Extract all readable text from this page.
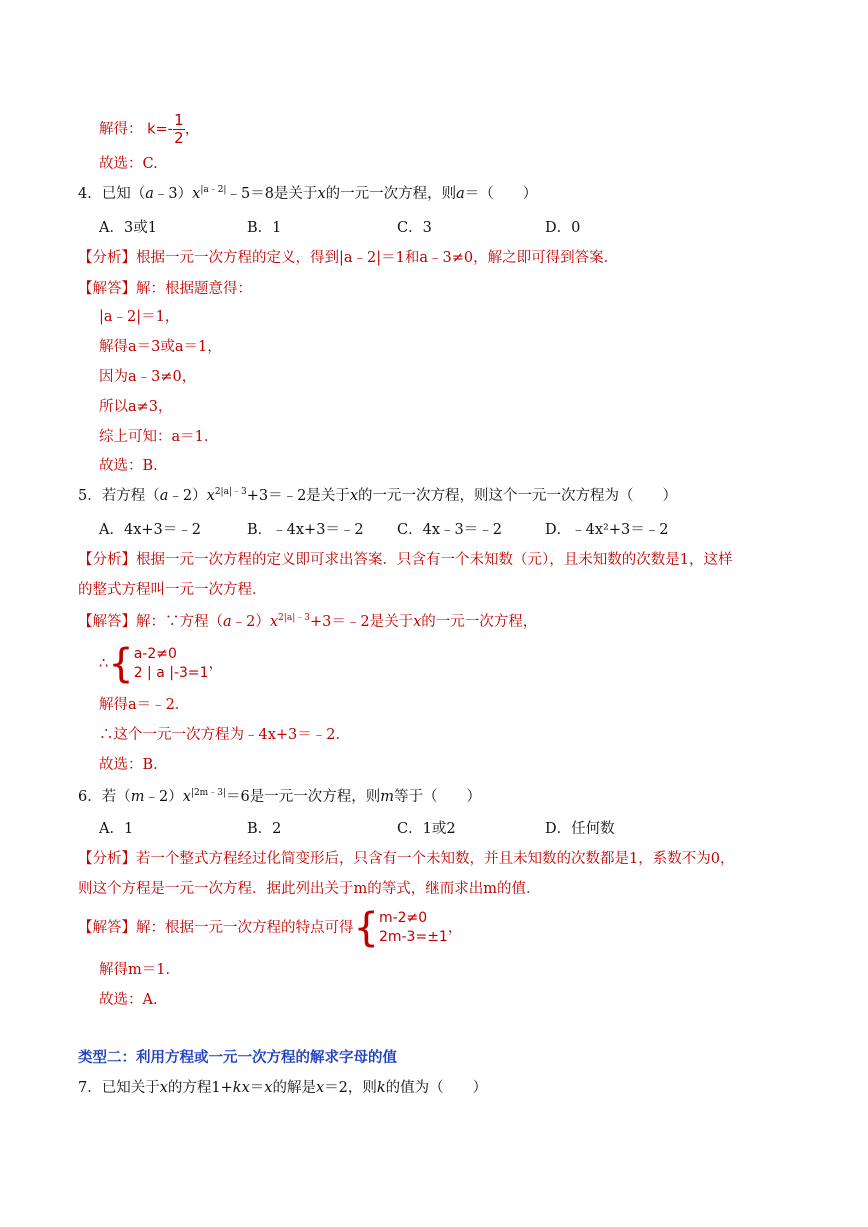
解得： $k=- \frac{1}{2}$ ，
故选：C.
4．已知$(a﹣3)x^{|a﹣2|}﹣5=8$是关于x的一元一次方程，则a＝（　　）
A．3或1	B．1	C．3	D．0
【分析】根据一元一次方程的定义，得到|a﹣2|＝1和a﹣3≠0，解之即可得到答案．
【解答】解：根据题意得：
|a﹣2|＝1，
解得a＝3或a＝1，
因为a﹣3≠0，
所以a≠3，
综上可知：a＝1．
故选：B.
5．若方程$(a﹣2)x^{2|a|﹣3}+3=﹣2$是关于x的一元一次方程，则这个一元一次方程为（　　）
A．4x+3＝﹣2	B．﹣4x+3＝﹣2 C．4x﹣3＝﹣2	D．﹣4x²+3＝﹣2
【分析】根据一元一次方程的定义即可求出答案．只含有一个未知数（元），且未知数的次数是1，这样
的整式方程叫一元一次方程．
【解答】解：∵方程$(a﹣2)x^{2|a|﹣3}+3=﹣2$是关于x的一元一次方程，
∴ { a-2≠0
2 | a |-3=1
，
解得a＝﹣2．
∴这个一元一次方程为﹣4x+3＝﹣2．
故选：B.
6．若$(m﹣2)x^{|2m﹣3|}=6$是一元一次方程，则m等于（　　）
A．1	B．2	C．1或2	D．任何数
【分析】若一个整式方程经过化简变形后，只含有一个未知数，并且未知数的次数都是1，系数不为0，
则这个方程是一元一次方程．据此列出关于m的等式，继而求出m的值．
【解答】解：根据一元一次方程的特点可得 { m-2≠0
2m-3=±1
，
解得m＝1．
故选：A.
类型二：利用方程或一元一次方程的解求字母的值
7．已知关于x的方程1+kx＝x的解是x＝2，则k的值为（　　）
